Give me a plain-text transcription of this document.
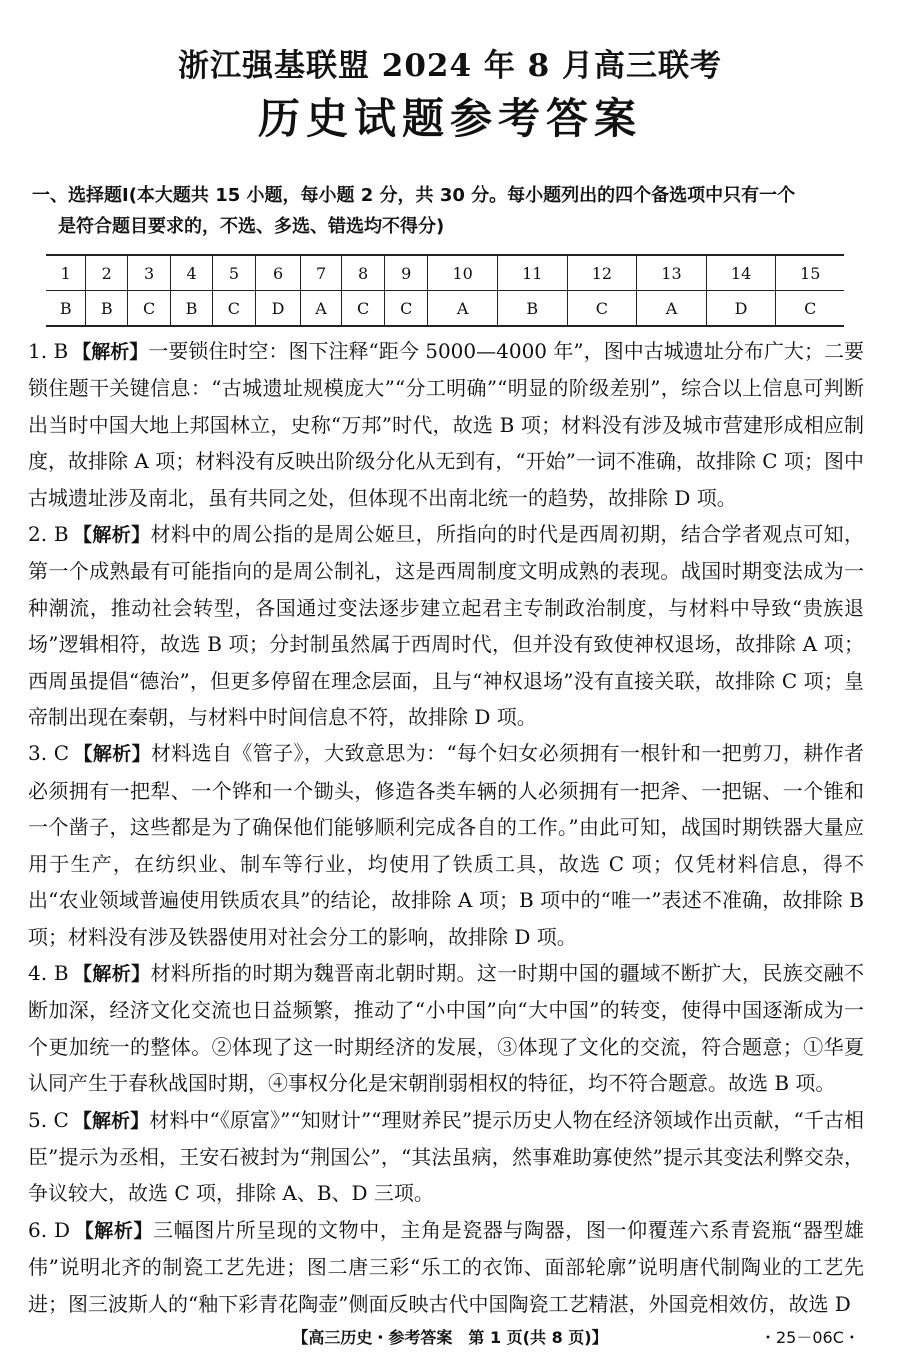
浙江强基联盟 2024 年 8 月高三联考
历史试题参考答案
一、选择题Ⅰ(本大题共 15 小题，每小题 2 分，共 30 分。每小题列出的四个备选项中只有一个
是符合题目要求的，不选、多选、错选均不得分)
1	2	3	4	5	6	7	8	9	10	11	12	13	14	15
B	B	C	B	C	D	A	C	C	A	B	C	A	D	C

1. B 【解析】一要锁住时空：图下注释“距今 5000—4000 年”，图中古城遗址分布广大；二要锁住题干关键信息：“古城遗址规模庞大”“分工明确”“明显的阶级差别”，综合以上信息可判断出当时中国大地上邦国林立，史称“万邦”时代，故选 B 项；材料没有涉及城市营建形成相应制度，故排除 A 项；材料没有反映出阶级分化从无到有，“开始”一词不准确，故排除 C 项；图中古城遗址涉及南北，虽有共同之处，但体现不出南北统一的趋势，故排除 D 项。

2. B 【解析】材料中的周公指的是周公姬旦，所指向的时代是西周初期，结合学者观点可知，第一个成熟最有可能指向的是周公制礼，这是西周制度文明成熟的表现。战国时期变法成为一种潮流，推动社会转型，各国通过变法逐步建立起君主专制政治制度，与材料中导致“贵族退场”逻辑相符，故选 B 项；分封制虽然属于西周时代，但并没有致使神权退场，故排除 A 项；西周虽提倡“德治”，但更多停留在理念层面，且与“神权退场”没有直接关联，故排除 C 项；皇帝制出现在秦朝，与材料中时间信息不符，故排除 D 项。

3. C 【解析】材料选自《管子》，大致意思为：“每个妇女必须拥有一根针和一把剪刀，耕作者必须拥有一把犁、一个铧和一个锄头，修造各类车辆的人必须拥有一把斧、一把锯、一个锥和一个凿子，这些都是为了确保他们能够顺利完成各自的工作。”由此可知，战国时期铁器大量应用于生产，在纺织业、制车等行业，均使用了铁质工具，故选 C 项；仅凭材料信息，得不出“农业领域普遍使用铁质农具”的结论，故排除 A 项；B 项中的“唯一”表述不准确，故排除 B 项；材料没有涉及铁器使用对社会分工的影响，故排除 D 项。

4. B 【解析】材料所指的时期为魏晋南北朝时期。这一时期中国的疆域不断扩大，民族交融不断加深，经济文化交流也日益频繁，推动了“小中国”向“大中国”的转变，使得中国逐渐成为一个更加统一的整体。②体现了这一时期经济的发展，③体现了文化的交流，符合题意；①华夏认同产生于春秋战国时期，④事权分化是宋朝削弱相权的特征，均不符合题意。故选 B 项。

5. C 【解析】材料中“《原富》”“知财计”“理财养民”提示历史人物在经济领域作出贡献，“千古相臣”提示为丞相，王安石被封为“荆国公”，“其法虽病，然事难助寡使然”提示其变法利弊交杂，争议较大，故选 C 项，排除 A、B、D 三项。

6. D 【解析】三幅图片所呈现的文物中，主角是瓷器与陶器，图一仰覆莲六系青瓷瓶“器型雄伟”说明北齐的制瓷工艺先进；图二唐三彩“乐工的衣饰、面部轮廓”说明唐代制陶业的工艺先进；图三波斯人的“釉下彩青花陶壶”侧面反映古代中国陶瓷工艺精湛，外国竞相效仿，故选 D

【高三历史・参考答案　第 1 页(共 8 页)】	・25－06C・
